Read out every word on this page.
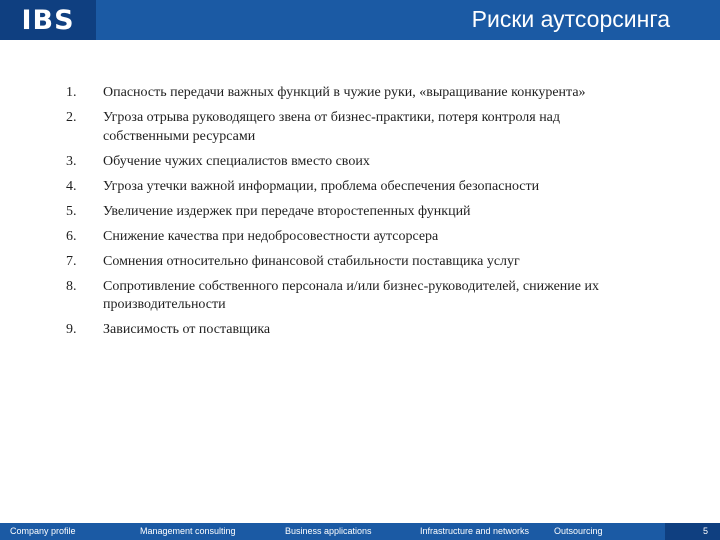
IBS	Риски аутсорсинга
1.	Опасность передачи важных функций в чужие руки, «выращивание конкурента»
2.	Угроза отрыва руководящего звена от бизнес-практики, потеря контроля над собственными ресурсами
3.	Обучение чужих специалистов вместо своих
4.	Угроза утечки важной информации, проблема обеспечения безопасности
5.	Увеличение издержек при передаче второстепенных функций
6.	Снижение качества при недобросовестности аутсорсера
7.	Сомнения относительно финансовой стабильности поставщика услуг
8.	Сопротивление собственного персонала и/или бизнес-руководителей, снижение их производительности
9.	Зависимость от поставщика
Company profile	Management consulting	Business applications	Infrastructure and networks	Outsourcing	5
